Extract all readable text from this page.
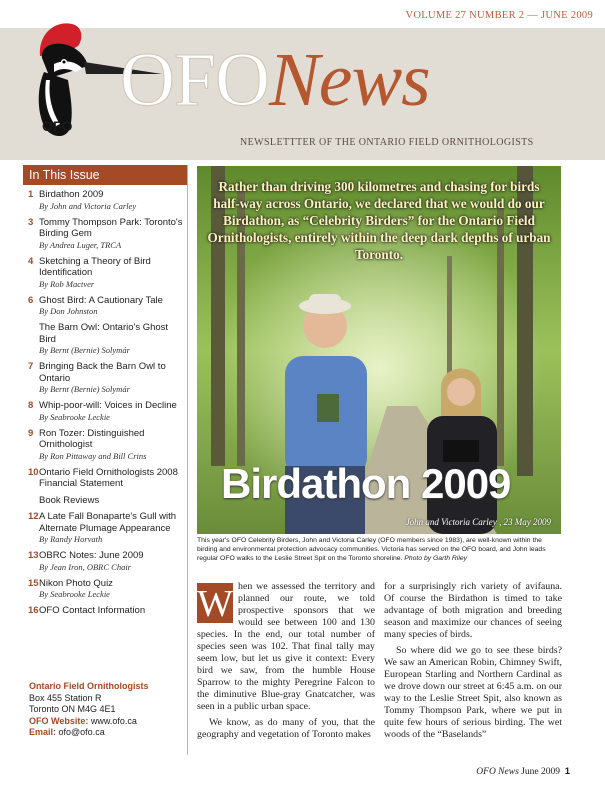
VOLUME 27 NUMBER 2 — JUNE 2009
OFO
OFONews
NEWSLETTTER OF THE ONTARIO FIELD ORNITHOLOGISTS
In This Issue
1 Birdathon 2009
By John and Victoria Carley
3 Tommy Thompson Park: Toronto's Birding Gem
By Andrea Luger, TRCA
4 Sketching a Theory of Bird Identification
By Rob Mactver
6 Ghost Bird: A Cautionary Tale
By Don Johnston
The Barn Owl: Ontario's Ghost Bird
By Bernt (Bernie) Solymár
7 Bringing Back the Barn Owl to Ontario
By Bernt (Bernie) Solymár
8 Whip-poor-will: Voices in Decline
By Seabrooke Leckie
9 Ron Tozer: Distinguished Ornithologist
By Ron Pittaway and Bill Crins
10 Ontario Field Ornithologists 2008 Financial Statement
Book Reviews
12 A Late Fall Bonaparte's Gull with Alternate Plumage Appearance
By Randy Horvath
13 OBRC Notes: June 2009
By Jean Iron, OBRC Chair
15 Nikon Photo Quiz
By Seabrooke Leckie
16 OFO Contact Information
Ontario Field Ornithologists
Box 455 Station R
Toronto ON M4G 4E1
OFO Website: www.ofo.ca
Email: ofo@ofo.ca
Rather than driving 300 kilometres and chasing for birds half-way across Ontario, we declared that we would do our Birdathon, as “Celebrity Birders” for the Ontario Field Ornithologists, entirely within the deep dark depths of urban Toronto.
Birdathon 2009
John and Victoria Carley , 23 May 2009
This year's OFO Celebrity Birders, John and Victoria Carley (OFO members since 1983), are well-known within the birding and environmental protection advocacy communities. Victoria has served on the OFO board, and John leads regular OFO walks to the Leslie Street Spit on the Toronto shoreline. Photo by Garth Riley

W hen we assessed the territory and planned our route, we told prospective sponsors that we would see between 100 and 130 species. In the end, our total number of species seen was 102. That final tally may seem low, but let us give it context: Every bird we saw, from the humble House Sparrow to the mighty Peregrine Falcon to the diminutive Blue-gray Gnatcatcher, was seen in a public urban space.

We know, as do many of you, that the geography and vegetation of Toronto makes

for a surprisingly rich variety of avifauna. Of course the Birdathon is timed to take advantage of both migration and breeding season and maximize our chances of seeing many species of birds.

So where did we go to see these birds? We saw an American Robin, Chimney Swift, European Starling and Northern Cardinal as we drove down our street at 6:45 a.m. on our way to the Leslie Street Spit, also known as Tommy Thompson Park, where we put in quite few hours of serious birding. The wet woods of the “Baselands”

OFO News June 2009 1
